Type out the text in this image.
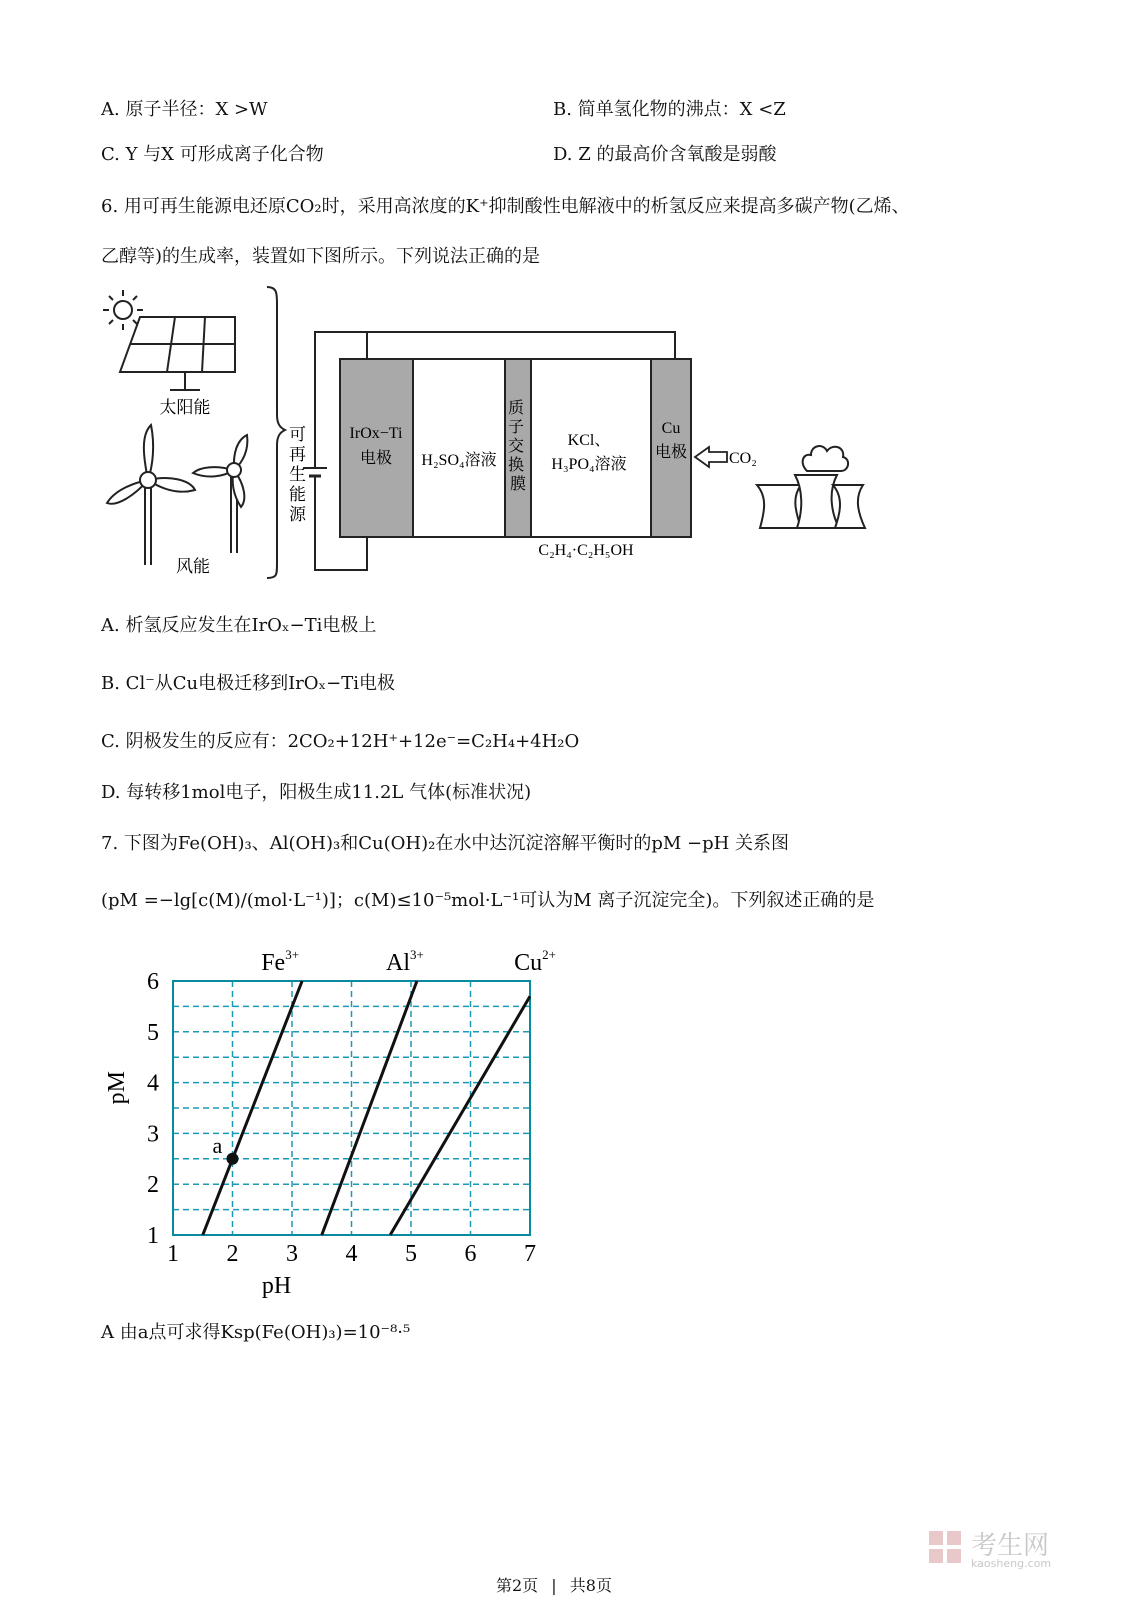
A. 原子半径：X >W	B. 简单氢化物的沸点：X <Z
C. Y 与X 可形成离子化合物	D. Z 的最高价含氧酸是弱酸
6. 用可再生能源电还原CO₂时，采用高浓度的K⁺抑制酸性电解液中的析氢反应来提高多碳产物(乙烯、
乙醇等)的生成率，装置如下图所示。下列说法正确的是
太阳能
风能
可 再 生 能 源
IrOx−Ti
电极 H₂SO₄溶液
质 子 交 换 膜
KCl、
H₃PO₄溶液
Cu
电极
C₂H₄·C₂H₅OH
CO₂
A. 析氢反应发生在IrOₓ−Ti电极上
B. Cl⁻从Cu电极迁移到IrOₓ−Ti电极
C. 阴极发生的反应有：2CO₂+12H⁺+12e⁻=C₂H₄+4H₂O
D. 每转移1mol电子，阳极生成11.2L 气体(标准状况)
7. 下图为Fe(OH)₃、Al(OH)₃和Cu(OH)₂在水中达沉淀溶解平衡时的pM −pH 关系图
(pM =−lg[c(M)/(mol·L⁻¹)]；c(M)≤10⁻⁵mol·L⁻¹可认为M 离子沉淀完全)。下列叙述正确的是
$Fe^{3+}$	$Al^{3+}$	$Cu^{2+}$
a
1 2 3 4 5 6 7
1
2
3
4
5
6
pH
pM
A 由a点可求得Ksp(Fe(OH)₃)=10⁻⁸·⁵
考生网
kaosheng.com
第2页 | 共8页
